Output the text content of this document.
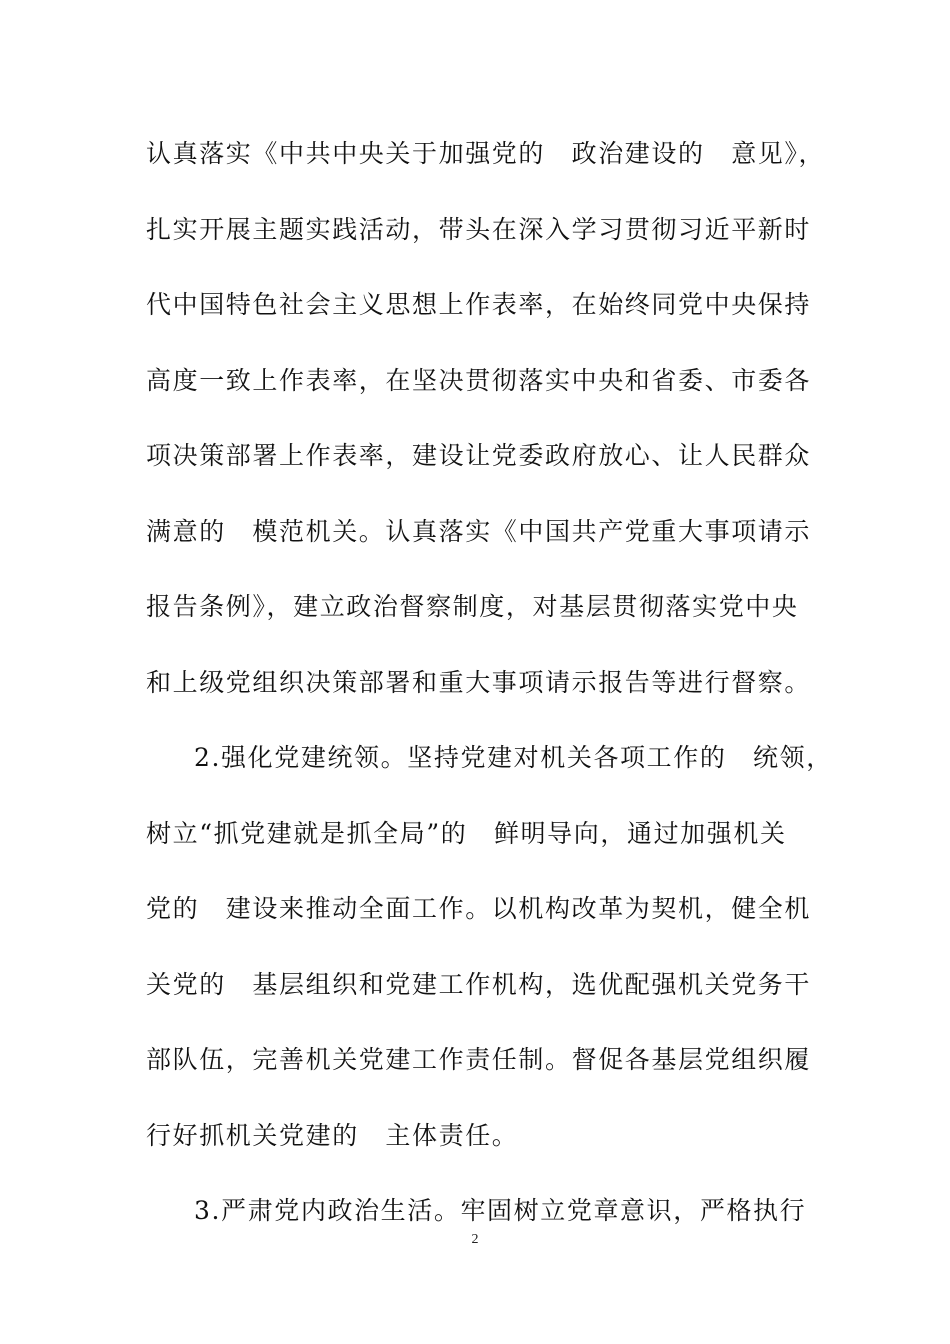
认真落实《中共中央关于加强党的　政治建设的　意见》，
扎实开展主题实践活动，带头在深入学习贯彻习近平新时
代中国特色社会主义思想上作表率，在始终同党中央保持
高度一致上作表率，在坚决贯彻落实中央和省委、市委各
项决策部署上作表率，建设让党委政府放心、让人民群众
满意的　模范机关。认真落实《中国共产党重大事项请示
报告条例》，建立政治督察制度，对基层贯彻落实党中央
和上级党组织决策部署和重大事项请示报告等进行督察。
2.强化党建统领。坚持党建对机关各项工作的　统领，
树立“抓党建就是抓全局”的　鲜明导向，通过加强机关
党的　建设来推动全面工作。以机构改革为契机，健全机
关党的　基层组织和党建工作机构，选优配强机关党务干
部队伍，完善机关党建工作责任制。督促各基层党组织履
行好抓机关党建的　主体责任。
3.严肃党内政治生活。牢固树立党章意识，严格执行
2
